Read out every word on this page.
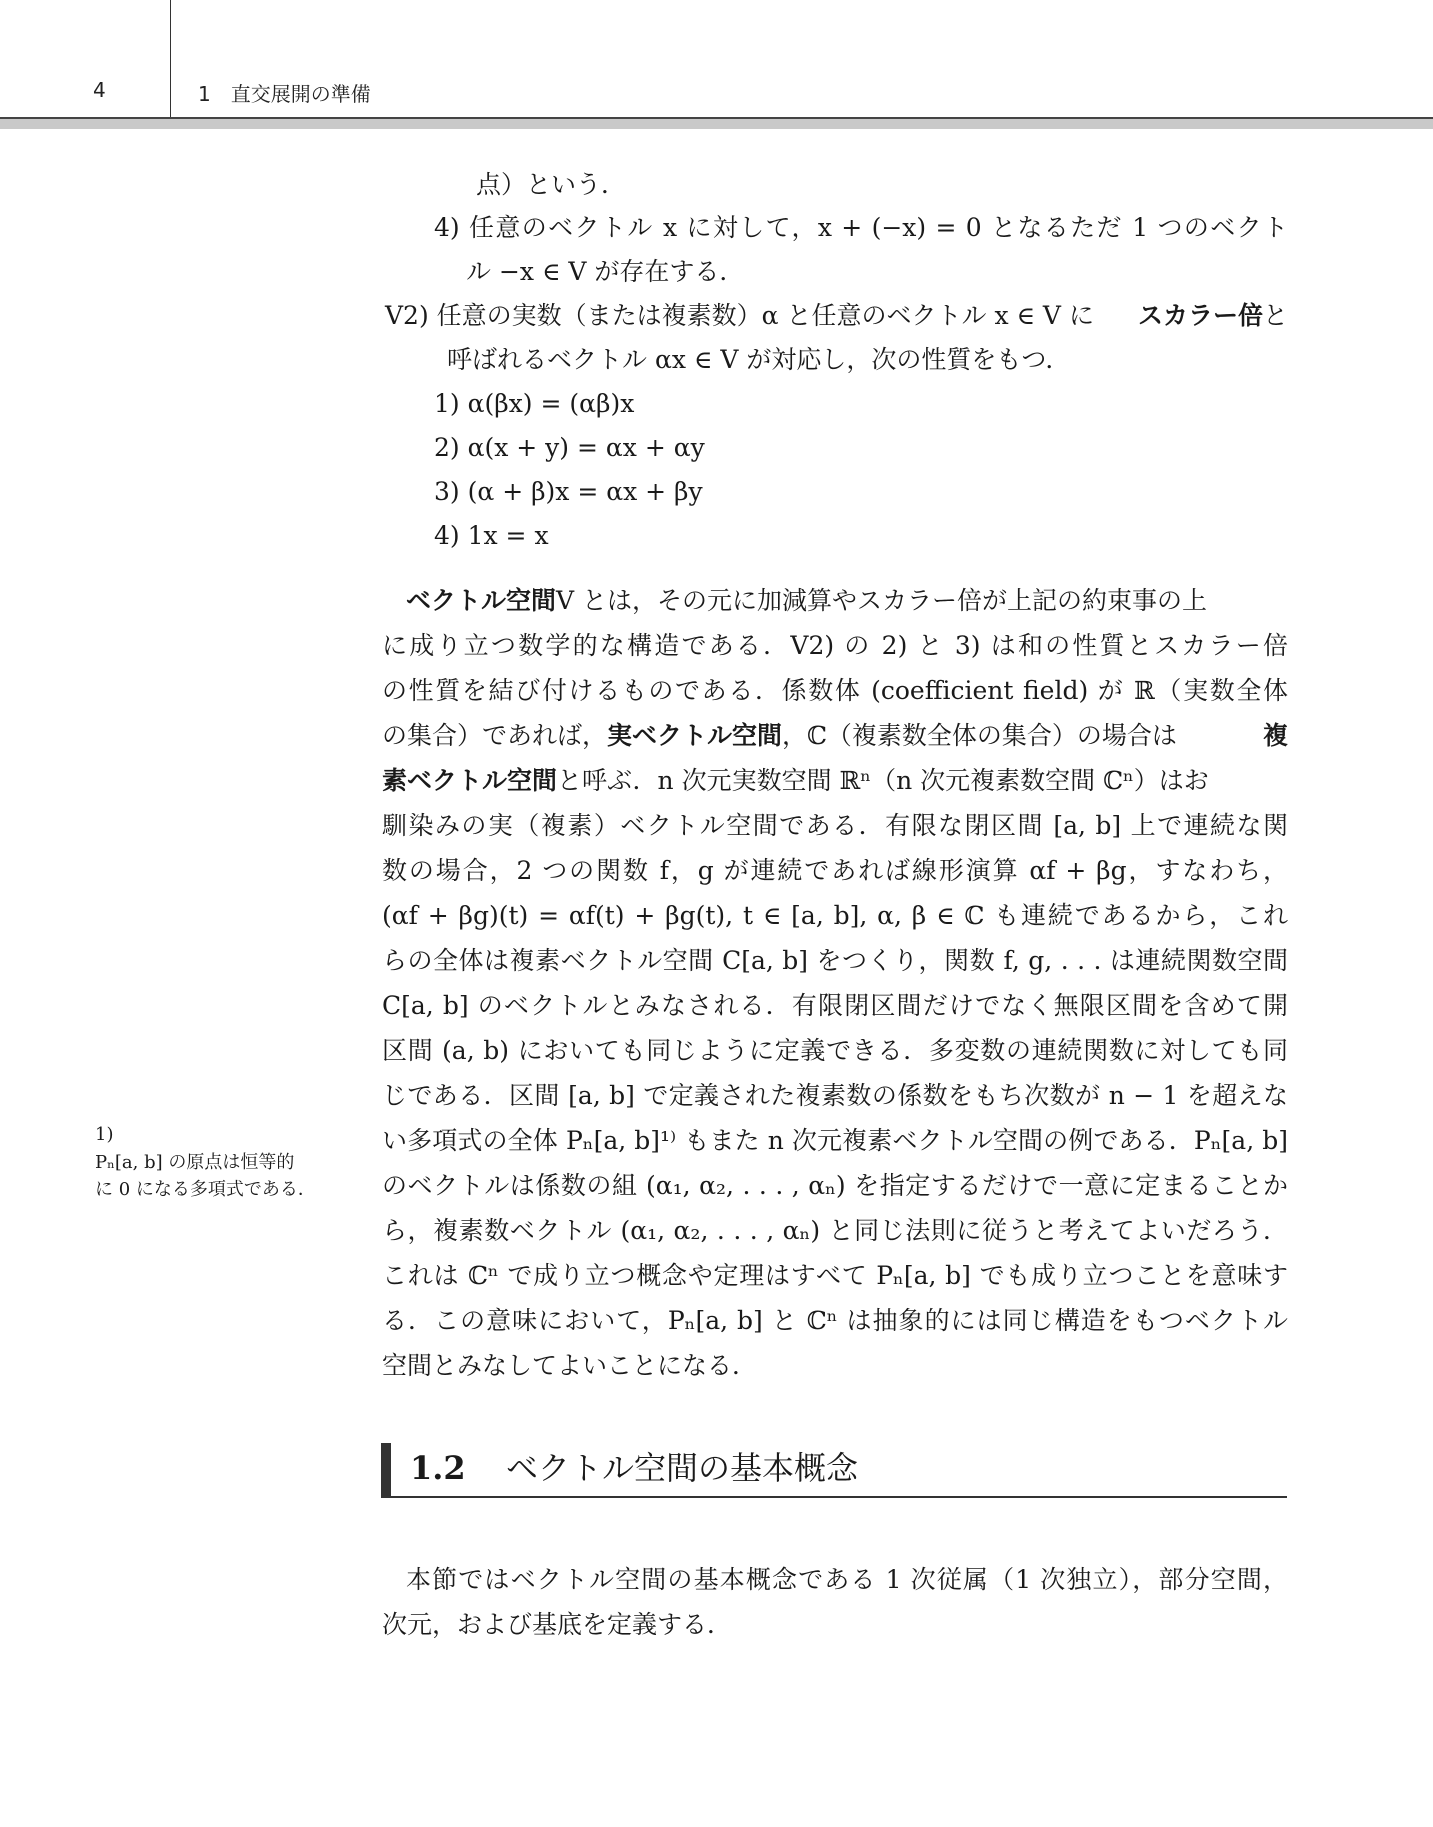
4	1　直交展開の準備
点）という．
4) 任意のベクトル x に対して，x + (−x) = 0 となるただ 1 つのベクト
ル −x ∈ V が存在する．
V2) 任意の実数（または複素数）α と任意のベクトル x ∈ V に	スカラー倍 と
呼ばれるベクトル αx ∈ V が対応し，次の性質をもつ．
1) α(βx) = (αβ)x
2) α(x + y) = αx + αy
3) (α + β)x = αx + βy
4) 1x = x
ベクトル空間 V とは，その元に加減算やスカラー倍が上記の約束事の上
に成り立つ数学的な構造である．V2) の 2) と 3) は和の性質とスカラー倍
の性質を結び付けるものである．係数体 (coefficient field) が ℝ（実数全体
の集合）であれば， 実ベクトル空間 ，ℂ（複素数全体の集合）の場合は	複
素ベクトル空間 と呼ぶ．n 次元実数空間 ℝⁿ（n 次元複素数空間 ℂⁿ）はお
馴染みの実（複素）ベクトル空間である．有限な閉区間 [a, b] 上で連続な関
数の場合，2 つの関数 f，g が連続であれば線形演算 αf + βg，すなわち，
(αf + βg)(t) = αf(t) + βg(t), t ∈ [a, b], α, β ∈ ℂ も連続であるから，これ
らの全体は複素ベクトル空間 C[a, b] をつくり，関数 f, g, . . . は連続関数空間
C[a, b] のベクトルとみなされる．有限閉区間だけでなく無限区間を含めて開
区間 (a, b) においても同じように定義できる．多変数の連続関数に対しても同
じである．区間 [a, b] で定義された複素数の係数をもち次数が n − 1 を超えな
い多項式の全体 Pₙ[a, b]¹⁾ もまた n 次元複素ベクトル空間の例である．Pₙ[a, b]
のベクトルは係数の組 (α₁, α₂, . . . , αₙ) を指定するだけで一意に定まることか
ら，複素数ベクトル (α₁, α₂, . . . , αₙ) と同じ法則に従うと考えてよいだろう．
これは ℂⁿ で成り立つ概念や定理はすべて Pₙ[a, b] でも成り立つことを意味す
る．この意味において，Pₙ[a, b] と ℂⁿ は抽象的には同じ構造をもつベクトル
空間とみなしてよいことになる．
1.2 ベクトル空間の基本概念
本節ではベクトル空間の基本概念である 1 次従属（1 次独立），部分空間，
次元，および基底を定義する．
1)
Pₙ[a, b] の原点は恒等的
に 0 になる多項式である．
